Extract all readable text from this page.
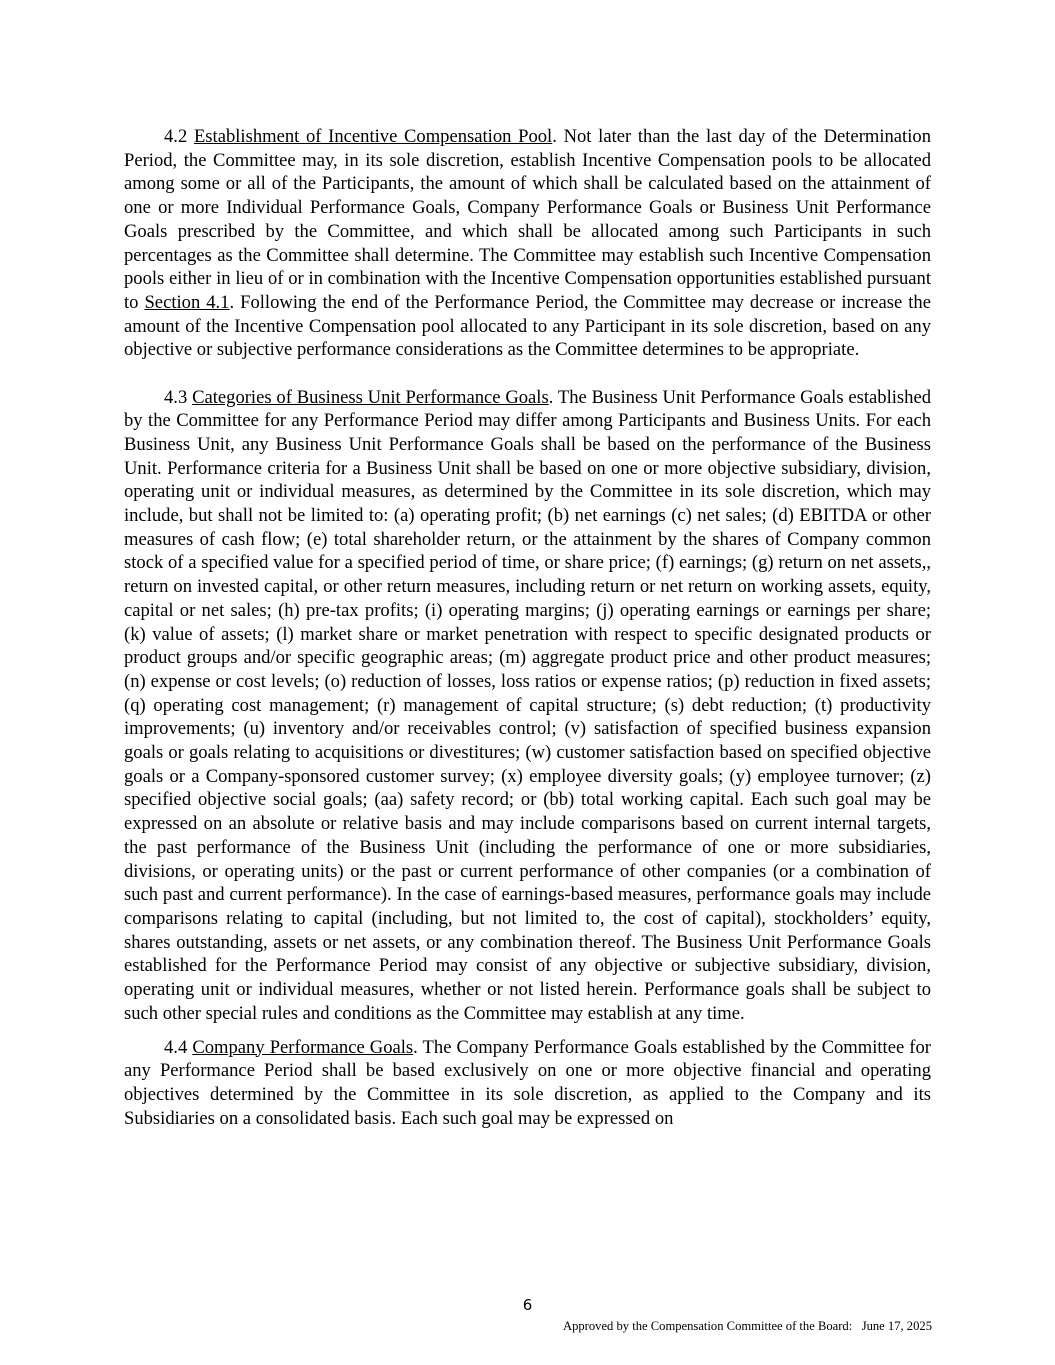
4.2 Establishment of Incentive Compensation Pool. Not later than the last day of the Determination Period, the Committee may, in its sole discretion, establish Incentive Compensation pools to be allocated among some or all of the Participants, the amount of which shall be calculated based on the attainment of one or more Individual Performance Goals, Company Performance Goals or Business Unit Performance Goals prescribed by the Committee, and which shall be allocated among such Participants in such percentages as the Committee shall determine. The Committee may establish such Incentive Compensation pools either in lieu of or in combination with the Incentive Compensation opportunities established pursuant to Section 4.1. Following the end of the Performance Period, the Committee may decrease or increase the amount of the Incentive Compensation pool allocated to any Participant in its sole discretion, based on any objective or subjective performance considerations as the Committee determines to be appropriate.

4.3 Categories of Business Unit Performance Goals. The Business Unit Performance Goals established by the Committee for any Performance Period may differ among Participants and Business Units. For each Business Unit, any Business Unit Performance Goals shall be based on the performance of the Business Unit. Performance criteria for a Business Unit shall be based on one or more objective subsidiary, division, operating unit or individual measures, as determined by the Committee in its sole discretion, which may include, but shall not be limited to: (a) operating profit; (b) net earnings (c) net sales; (d) EBITDA or other measures of cash flow; (e) total shareholder return, or the attainment by the shares of Company common stock of a specified value for a specified period of time, or share price; (f) earnings; (g) return on net assets,, return on invested capital, or other return measures, including return or net return on working assets, equity, capital or net sales; (h) pre-tax profits; (i) operating margins; (j) operating earnings or earnings per share; (k) value of assets; (l) market share or market penetration with respect to specific designated products or product groups and/or specific geographic areas; (m) aggregate product price and other product measures; (n) expense or cost levels; (o) reduction of losses, loss ratios or expense ratios; (p) reduction in fixed assets; (q) operating cost management; (r) management of capital structure; (s) debt reduction; (t) productivity improvements; (u) inventory and/or receivables control; (v) satisfaction of specified business expansion goals or goals relating to acquisitions or divestitures; (w) customer satisfaction based on specified objective goals or a Company-sponsored customer survey; (x) employee diversity goals; (y) employee turnover; (z) specified objective social goals; (aa) safety record; or (bb) total working capital. Each such goal may be expressed on an absolute or relative basis and may include comparisons based on current internal targets, the past performance of the Business Unit (including the performance of one or more subsidiaries, divisions, or operating units) or the past or current performance of other companies (or a combination of such past and current performance). In the case of earnings-based measures, performance goals may include comparisons relating to capital (including, but not limited to, the cost of capital), stockholders’ equity, shares outstanding, assets or net assets, or any combination thereof. The Business Unit Performance Goals established for the Performance Period may consist of any objective or subjective subsidiary, division, operating unit or individual measures, whether or not listed herein. Performance goals shall be subject to such other special rules and conditions as the Committee may establish at any time.

4.4 Company Performance Goals. The Company Performance Goals established by the Committee for any Performance Period shall be based exclusively on one or more objective financial and operating objectives determined by the Committee in its sole discretion, as applied to the Company and its Subsidiaries on a consolidated basis. Each such goal may be expressed on

6
Approved by the Compensation Committee of the Board: June 17, 2025
